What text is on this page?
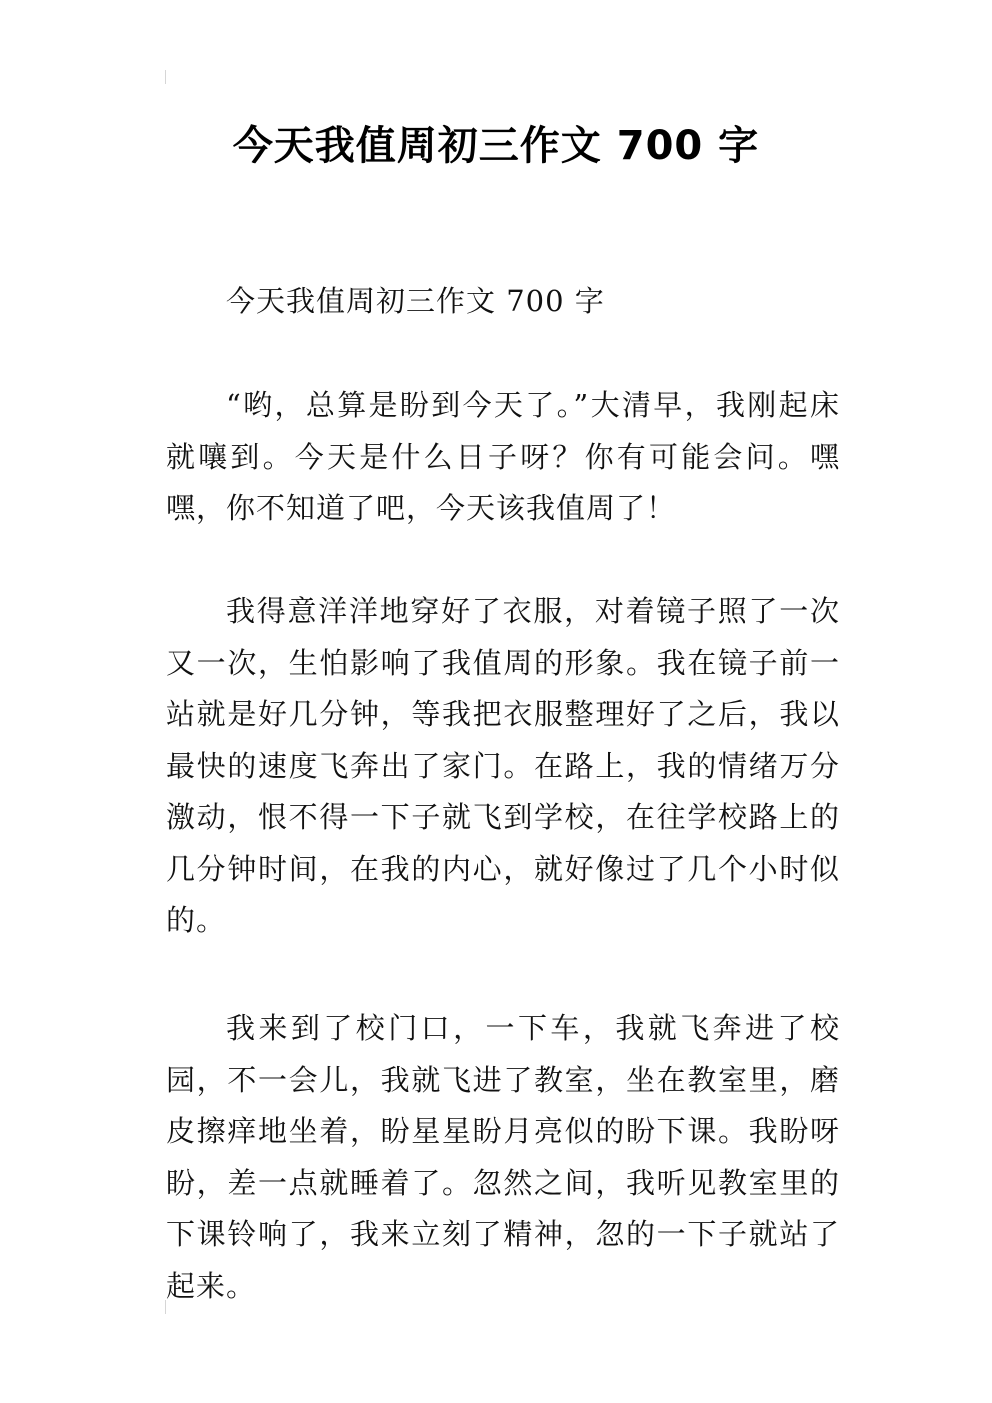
今天我值周初三作文 700 字
今天我值周初三作文 700 字
“哟，总算是盼到今天了。”大清早，我刚起床就嚷到。今天是什么日子呀？你有可能会问。嘿嘿，你不知道了吧，今天该我值周了！
我得意洋洋地穿好了衣服，对着镜子照了一次又一次，生怕影响了我值周的形象。我在镜子前一站就是好几分钟，等我把衣服整理好了之后，我以最快的速度飞奔出了家门。在路上，我的情绪万分激动，恨不得一下子就飞到学校，在往学校路上的几分钟时间，在我的内心，就好像过了几个小时似的。
我来到了校门口，一下车，我就飞奔进了校园，不一会儿，我就飞进了教室，坐在教室里，磨皮擦痒地坐着，盼星星盼月亮似的盼下课。我盼呀盼，差一点就睡着了。忽然之间，我听见教室里的下课铃响了，我来立刻了精神，忽的一下子就站了起来。
